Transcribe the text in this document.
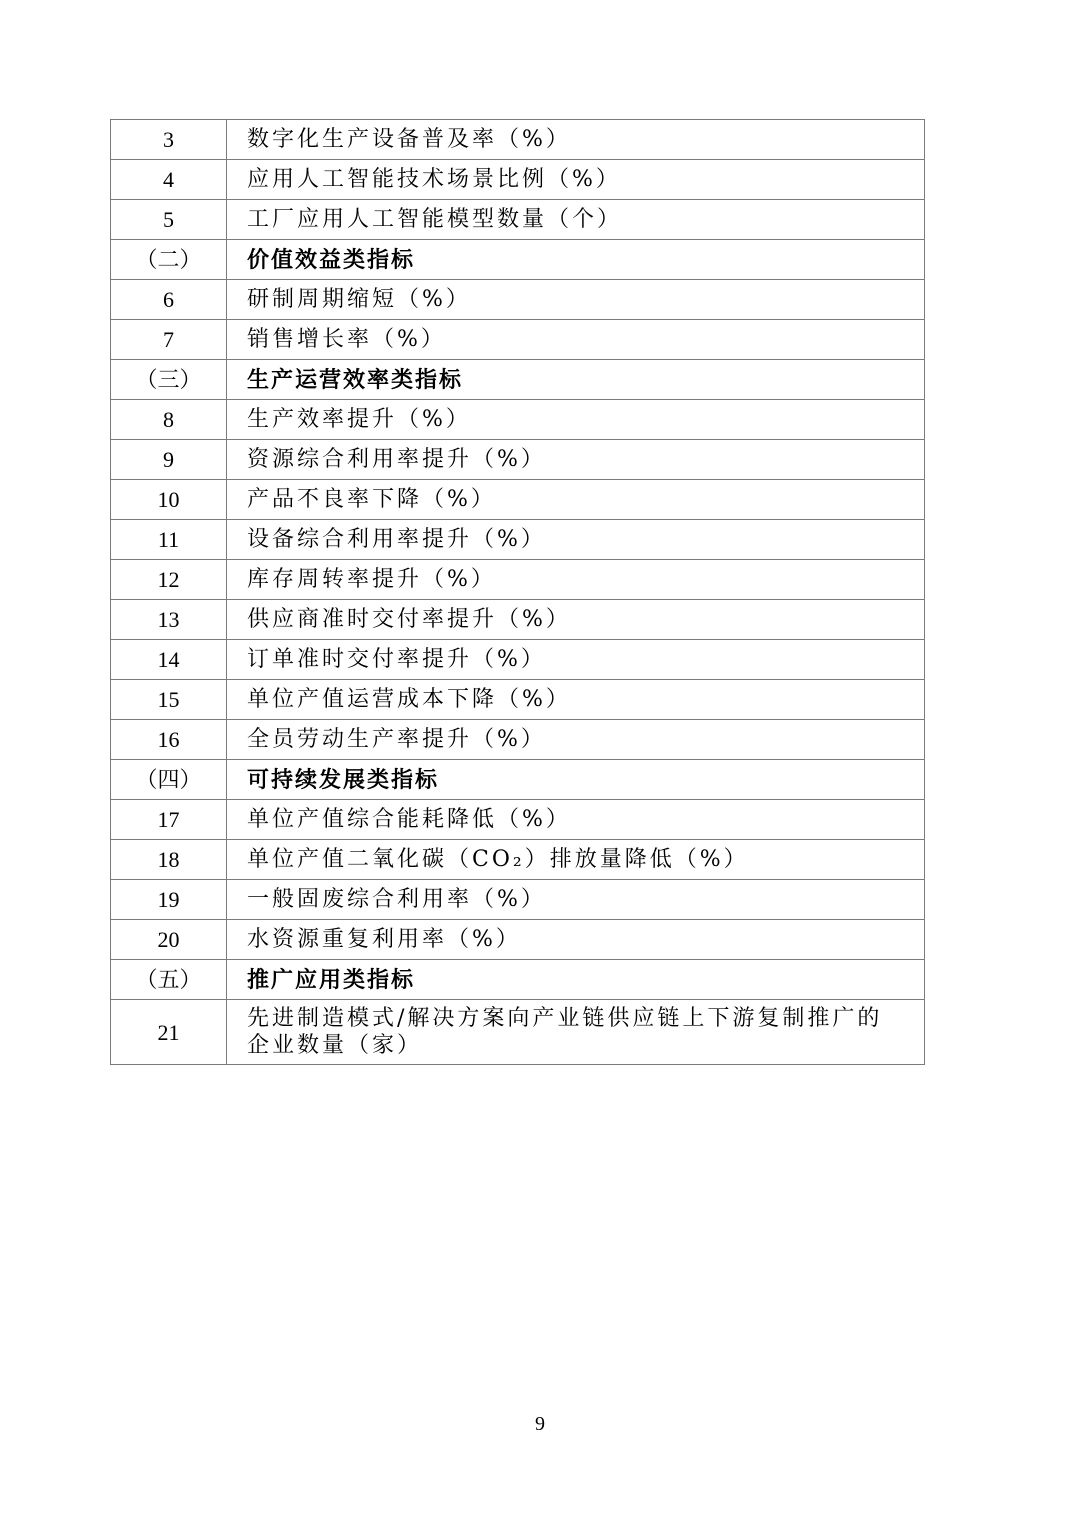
3	数字化生产设备普及率（%）
4	应用人工智能技术场景比例（%）
5	工厂应用人工智能模型数量（个）
（二）	价值效益类指标
6	研制周期缩短（%）
7	销售增长率（%）
（三）	生产运营效率类指标
8	生产效率提升（%）
9	资源综合利用率提升（%）
10	产品不良率下降（%）
11	设备综合利用率提升（%）
12	库存周转率提升（%）
13	供应商准时交付率提升（%）
14	订单准时交付率提升（%）
15	单位产值运营成本下降（%）
16	全员劳动生产率提升（%）
（四）	可持续发展类指标
17	单位产值综合能耗降低（%）
18	单位产值二氧化碳（CO₂）排放量降低（%）
19	一般固废综合利用率（%）
20	水资源重复利用率（%）
（五）	推广应用类指标
21	先进制造模式/解决方案向产业链供应链上下游复制推广的企业数量（家）
9
